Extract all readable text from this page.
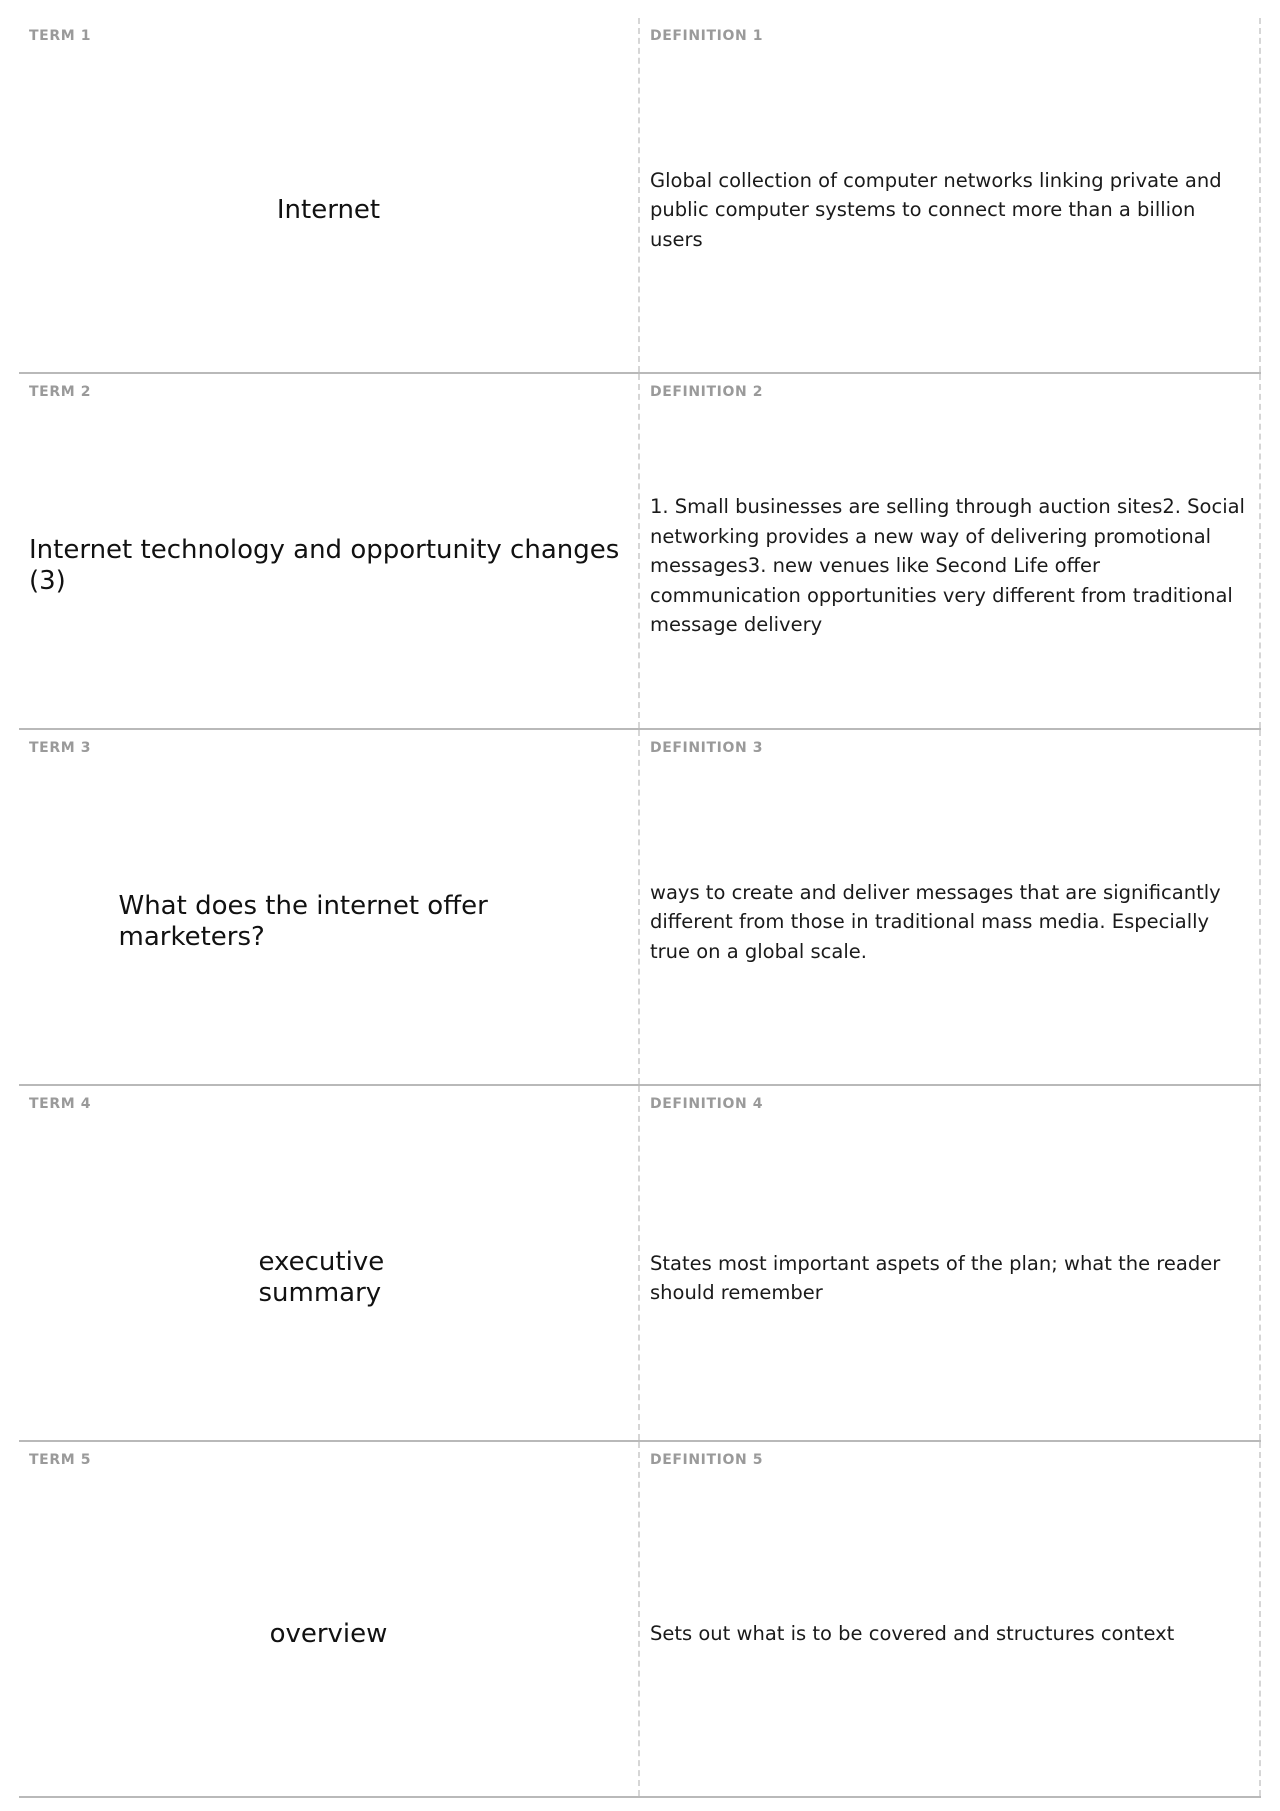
TERM 1
Internet
DEFINITION 1
Global collection of computer networks linking private and public computer systems to connect more than a billion users
TERM 2
Internet technology and opportunity changes (3)
DEFINITION 2
1. Small businesses are selling through auction sites2. Social networking provides a new way of delivering promotional messages3. new venues like Second Life offer communication opportunities very different from traditional message delivery
TERM 3
What does the internet offer marketers?
DEFINITION 3
ways to create and deliver messages that are significantly different from those in traditional mass media. Especially true on a global scale.
TERM 4
executive summary
DEFINITION 4
States most important aspets of the plan; what the reader should remember
TERM 5
overview
DEFINITION 5
Sets out what is to be covered and structures context
